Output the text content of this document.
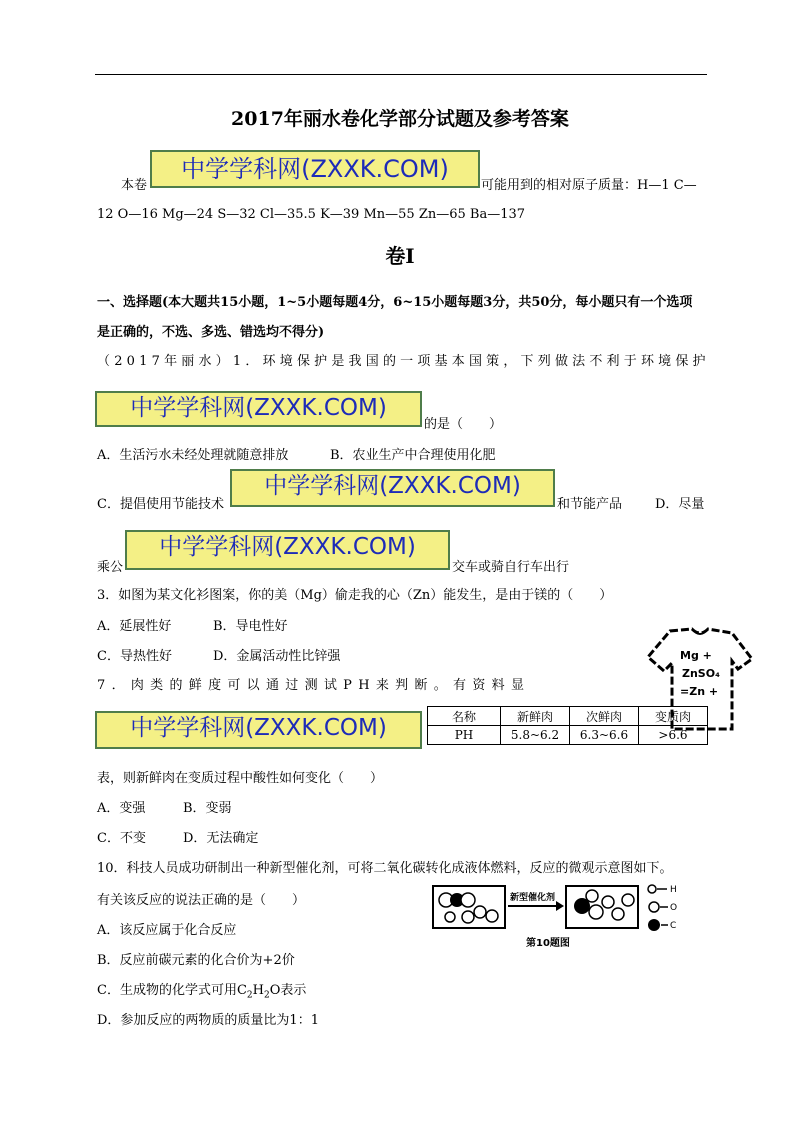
2017年丽水卷化学部分试题及参考答案
本卷
中学学科网(ZXXK.COM)
可能用到的相对原子质量：H—1 C—
12 O—16 Mg—24 S—32 Cl—35.5 K—39 Mn—55 Zn—65 Ba—137
卷Ⅰ
一、选择题(本大题共15小题，1~5小题每题4分，6~15小题每题3分，共50分，每小题只有一个选项
是正确的，不选、多选、错选均不得分)
（2017年丽水）1．环境保护是我国的一项基本国策，下列做法不利于环境保护
中学学科网(ZXXK.COM)
的是（　　）
A．生活污水未经处理就随意排放	B．农业生产中合理使用化肥
C．提倡使用节能技术
中学学科网(ZXXK.COM)
和节能产品	D．尽量
乘公
中学学科网(ZXXK.COM)
交车或骑自行车出行
3．如图为某文化衫图案，你的美（Mg）偷走我的心（Zn）能发生，是由于镁的（　　）
A．延展性好	B．导电性好
C．导热性好	D．金属活动性比锌强	Mg +
ZnSO₄
=Zn +
7．肉类的鲜度可以通过测试PH来判断。有资料显
中学学科网(ZXXK.COM)	名称	新鲜肉	次鲜肉	变质肉
PH	5.8~6.2	6.3~6.6	>6.6
表，则新鲜肉在变质过程中酸性如何变化（　　）
A．变强	B．变弱
C．不变	D．无法确定
10．科技人员成功研制出一种新型催化剂，可将二氧化碳转化成液体燃料，反应的微观示意图如下。
有关该反应的说法正确的是（　　）
A．该反应属于化合反应
B．反应前碳元素的化合价为+2价
C．生成物的化学式可用$C_2H_2O$表示
D．参加反应的两物质的质量比为1：1
新型催化剂
H
O
C
第10题图
